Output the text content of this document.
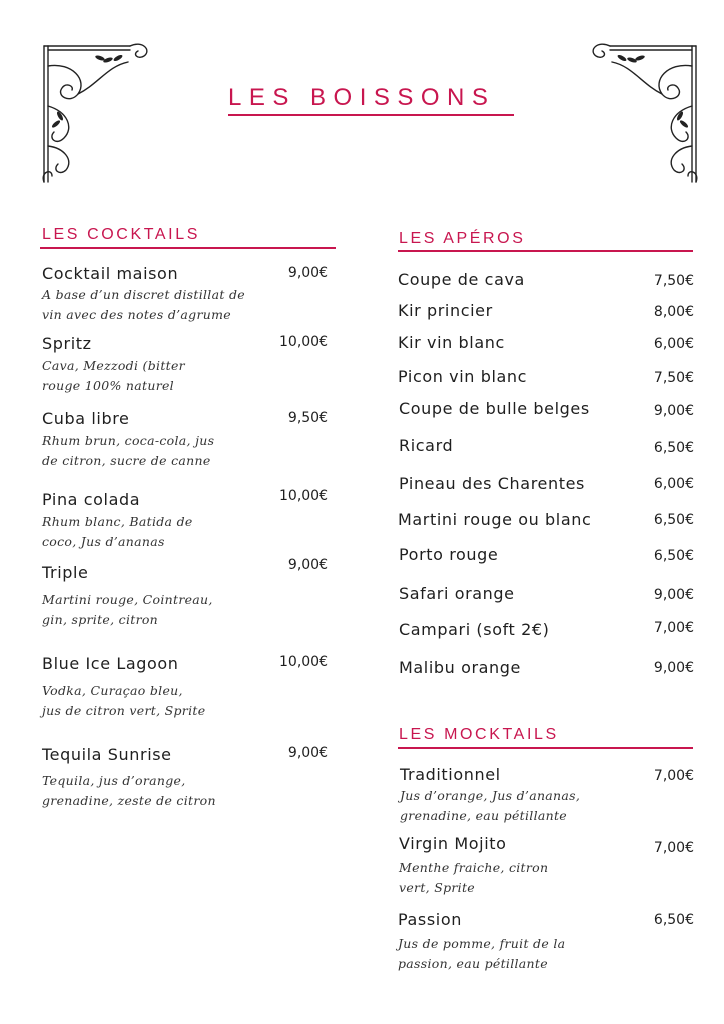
LES BOISSONS
LES COCKTAILS
Cocktail maison	9,00€
A base d’un discret distillat de
vin avec des notes d’agrume
Spritz	10,00€
Cava, Mezzodi (bitter
rouge 100% naturel
Cuba libre	9,50€
Rhum brun, coca-cola, jus
de citron, sucre de canne
Pina colada	10,00€
Rhum blanc, Batida de
coco, Jus d’ananas
Triple	9,00€
Martini rouge, Cointreau,
gin, sprite, citron
Blue Ice Lagoon	10,00€
Vodka, Curaçao bleu,
jus de citron vert, Sprite
Tequila Sunrise	9,00€
Tequila, jus d’orange,
grenadine, zeste de citron
LES APÉROS
Coupe de cava	7,50€
Kir princier	8,00€
Kir vin blanc	6,00€
Picon vin blanc	7,50€
Coupe de bulle belges	9,00€
Ricard	6,50€
Pineau des Charentes	6,00€
Martini rouge ou blanc	6,50€
Porto rouge	6,50€
Safari orange	9,00€
Campari (soft 2€)	7,00€
Malibu orange	9,00€
LES MOCKTAILS
Traditionnel	7,00€
Jus d’orange, Jus d’ananas,
grenadine, eau pétillante
Virgin Mojito	7,00€
Menthe fraiche, citron
vert, Sprite
Passion	6,50€
Jus de pomme, fruit de la
passion, eau pétillante
